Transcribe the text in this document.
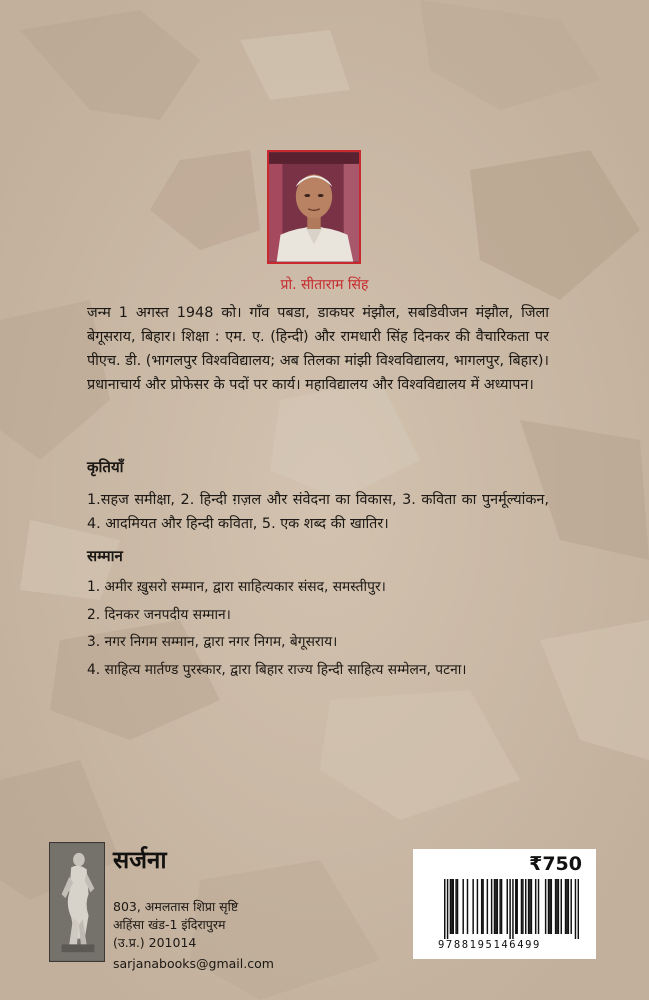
प्रो. सीताराम सिंह

जन्म 1 अगस्त 1948 को। गाँव पबडा, डाकघर मंझौल, सबडिवीजन मंझौल, जिला बेगूसराय, बिहार। शिक्षा : एम. ए. (हिन्दी) और रामधारी सिंह दिनकर की वैचारिकता पर पीएच. डी. (भागलपुर विश्वविद्यालय; अब तिलका मांझी विश्वविद्यालय, भागलपुर, बिहार)। प्रधानाचार्य और प्रोफेसर के पदों पर कार्य। महाविद्यालय और विश्वविद्यालय में अध्यापन।

कृतियाँ
1.सहज समीक्षा, 2. हिन्दी ग़ज़ल और संवेदना का विकास, 3. कविता का पुनर्मूल्यांकन, 4. आदमियत और हिन्दी कविता, 5. एक शब्द की खातिर।
सम्मान
1. अमीर ख़ुसरो सम्मान, द्वारा साहित्यकार संसद, समस्तीपुर।
2. दिनकर जनपदीय सम्मान।
3. नगर निगम सम्मान, द्वारा नगर निगम, बेगूसराय।
4. साहित्य मार्तण्ड पुरस्कार, द्वारा बिहार राज्य हिन्दी साहित्य सम्मेलन, पटना।
सर्जना
803, अमलतास शिप्रा सृष्टि
अहिंसा खंड-1 इंदिरापुरम
(उ.प्र.) 201014
sarjanabooks@gmail.com
₹750
9788195146499
